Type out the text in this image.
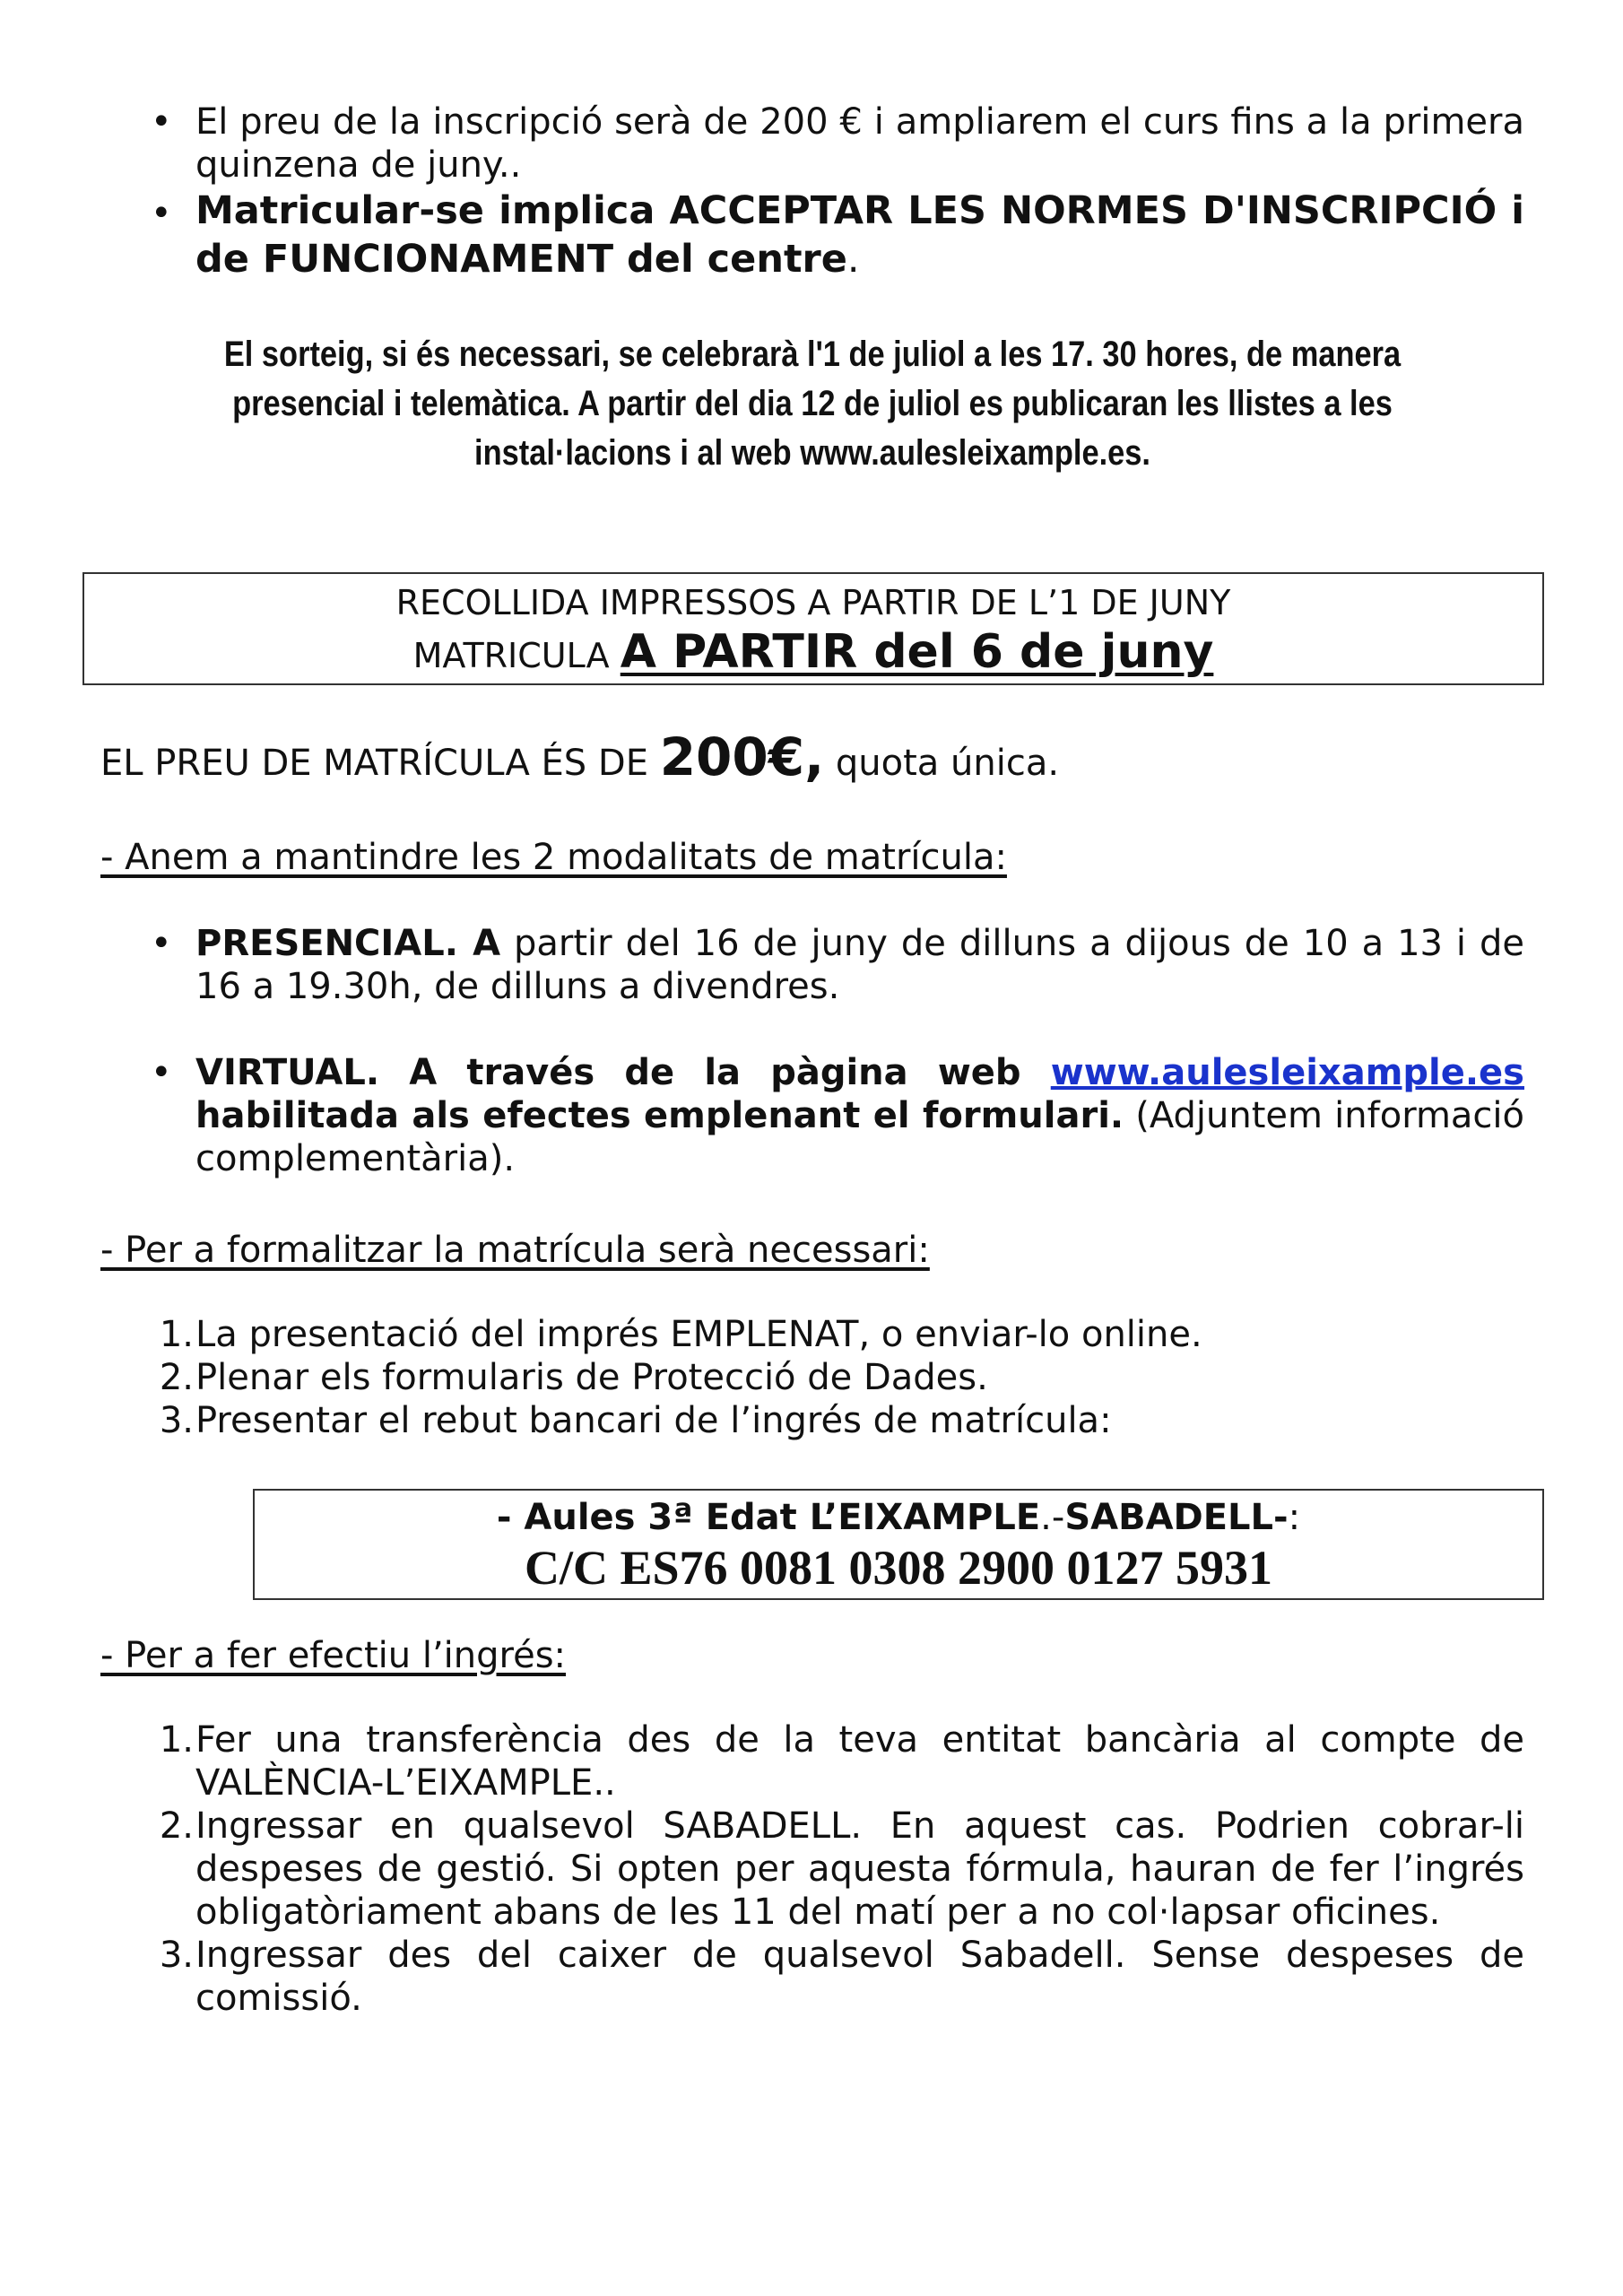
• El preu de la inscripció serà de 200 € i ampliarem el curs fins a la primera quinzena de juny..
• Matricular-se implica ACCEPTAR LES NORMES D'INSCRIPCIÓ i de FUNCIONAMENT del centre.
El sorteig, si és necessari, se celebrarà l'1 de juliol a les 17. 30 hores, de manera
presencial i telemàtica. A partir del dia 12 de juliol es publicaran les llistes a les
instal·lacions i al web www.aulesleixample.es.
RECOLLIDA IMPRESSOS A PARTIR DE L’1 DE JUNY
MATRICULA A PARTIR del 6 de juny
EL PREU DE MATRÍCULA ÉS DE 200€, quota única.
- Anem a mantindre les 2 modalitats de matrícula:
• PRESENCIAL. A partir del 16 de juny de dilluns a dijous de 10 a 13 i de 16 a 19.30h, de dilluns a divendres.
• VIRTUAL. A través de la pàgina web www.aulesleixample.es habilitada als efectes emplenant el formulari. (Adjuntem informació complementària).
- Per a formalitzar la matrícula serà necessari:
1. La presentació del imprés EMPLENAT, o enviar-lo online.
2. Plenar els formularis de Protecció de Dades.
3. Presentar el rebut bancari de l’ingrés de matrícula:
- Aules 3ª Edat L’EIXAMPLE.-SABADELL-:
C/C ES76 0081 0308 2900 0127 5931
- Per a fer efectiu l’ingrés:
1. Fer una transferència des de la teva entitat bancària al compte de VALÈNCIA-L’EIXAMPLE..
2. Ingressar en qualsevol SABADELL. En aquest cas. Podrien cobrar-li despeses de gestió. Si opten per aquesta fórmula, hauran de fer l’ingrés obligatòriament abans de les 11 del matí per a no col·lapsar oficines.
3. Ingressar des del caixer de qualsevol Sabadell. Sense despeses de comissió.
